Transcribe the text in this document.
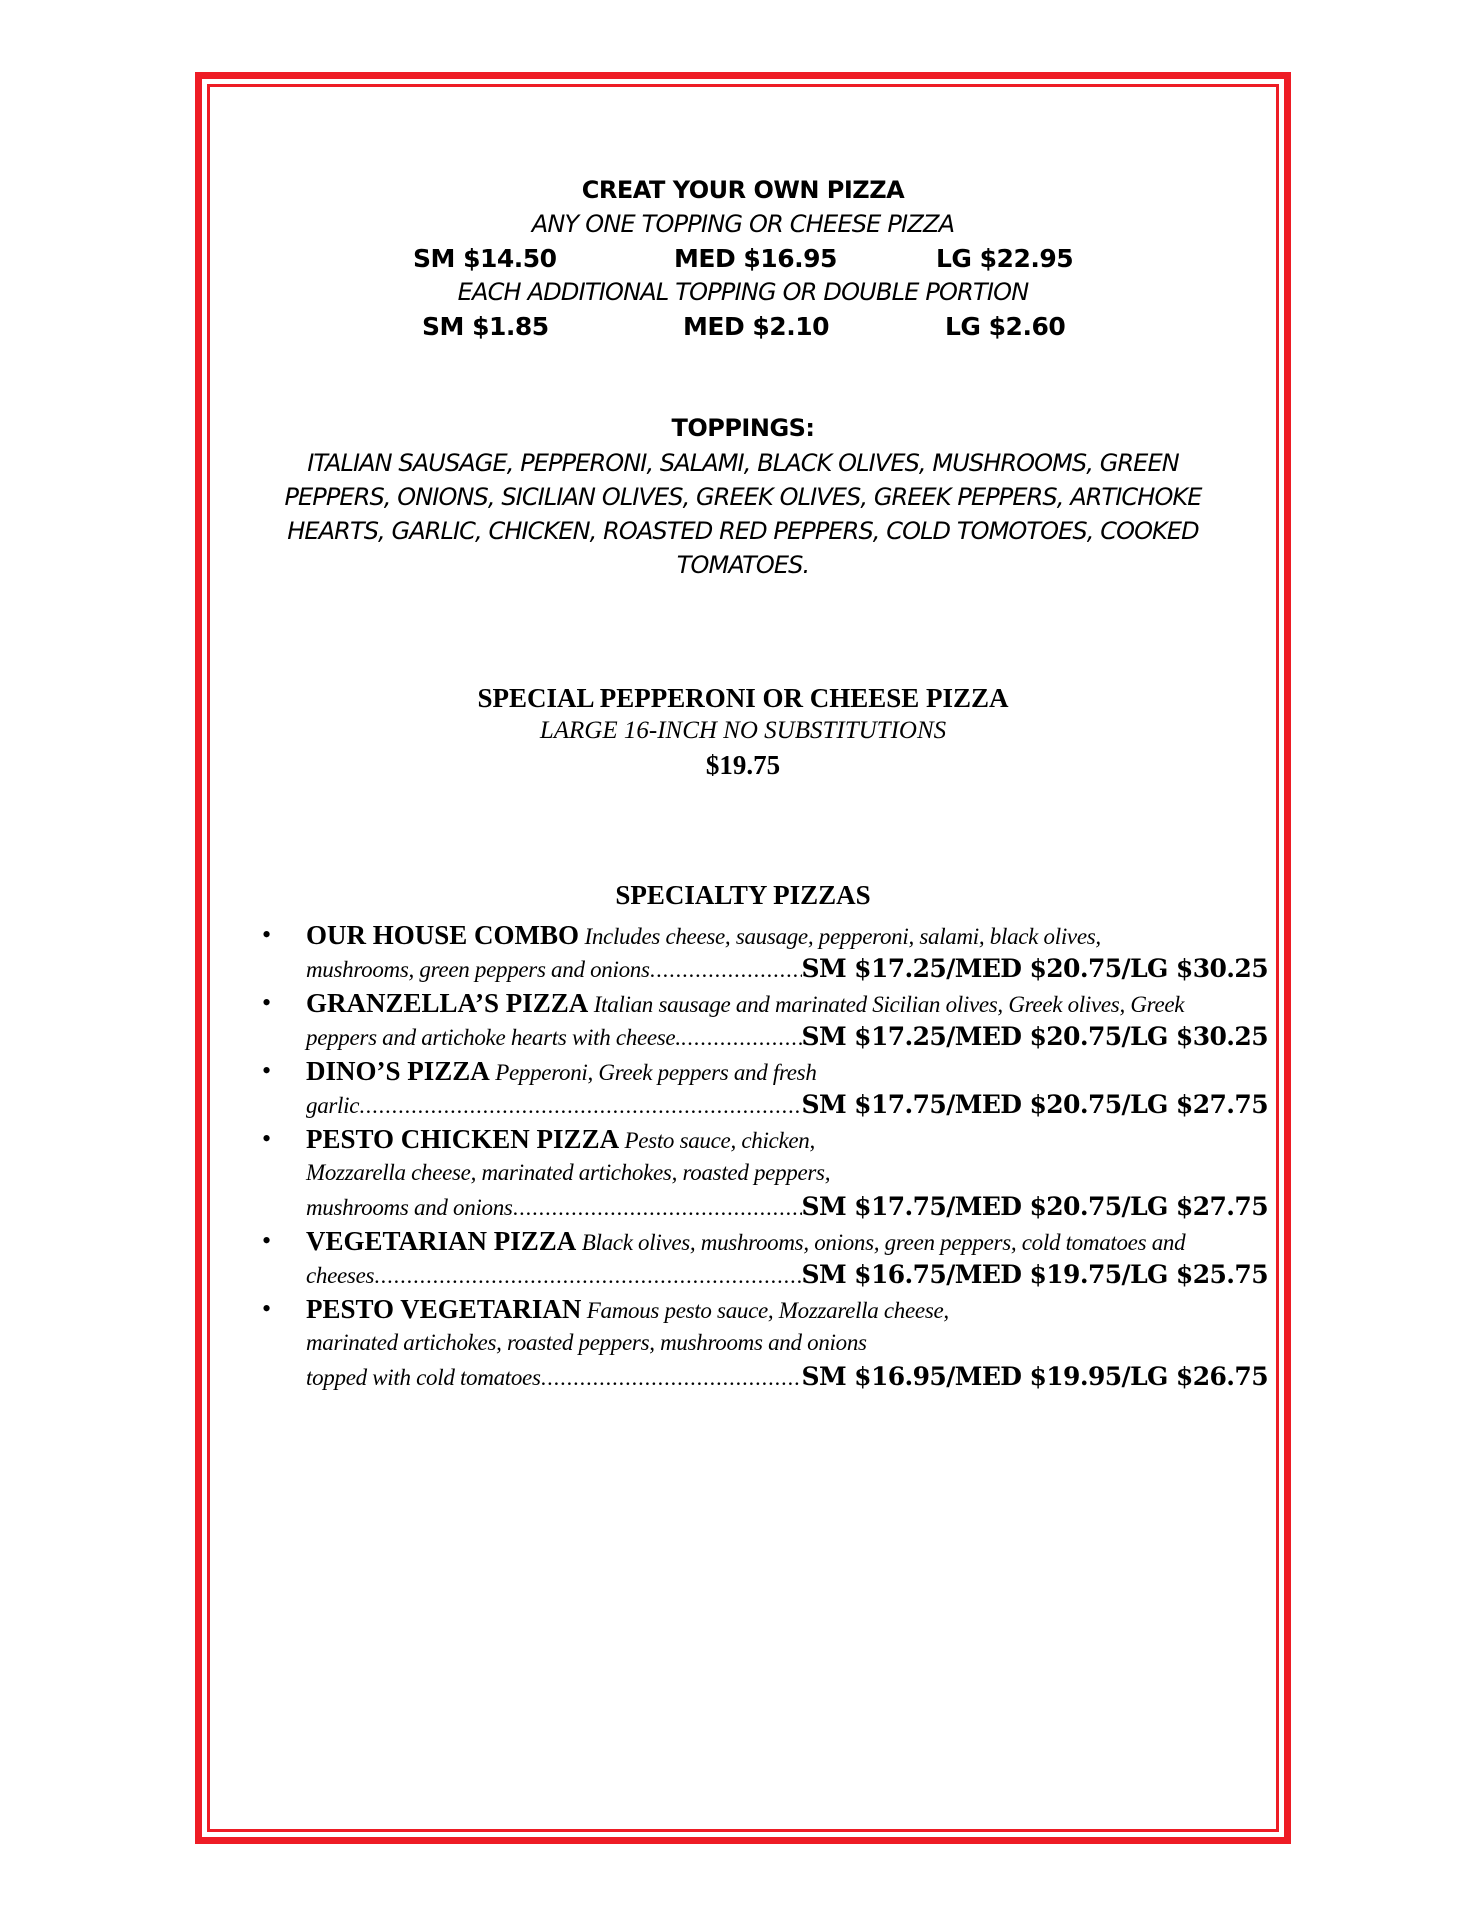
CREAT YOUR OWN PIZZA
ANY ONE TOPPING OR CHEESE PIZZA
SM $14.50	MED $16.95	LG $22.95
EACH ADDITIONAL TOPPING OR DOUBLE PORTION
SM $1.85	MED $2.10	LG $2.60
TOPPINGS:
ITALIAN SAUSAGE, PEPPERONI, SALAMI, BLACK OLIVES, MUSHROOMS, GREEN
PEPPERS, ONIONS, SICILIAN OLIVES, GREEK OLIVES, GREEK PEPPERS, ARTICHOKE
HEARTS, GARLIC, CHICKEN, ROASTED RED PEPPERS, COLD TOMOTOES, COOKED
TOMATOES.
SPECIAL PEPPERONI OR CHEESE PIZZA
LARGE 16-INCH NO SUBSTITUTIONS
$19.75
SPECIALTY PIZZAS
• OUR HOUSE COMBO Includes cheese, sausage, pepperoni, salami, black olives,
mushrooms, green peppers and onions .....	SM $17.25/MED $20.75/LG $30.25
• GRANZELLA’S PIZZA Italian sausage and marinated Sicilian olives, Greek olives, Greek
peppers and artichoke hearts with cheese. .....	SM $17.25/MED $20.75/LG $30.25
• DINO’S PIZZA Pepperoni, Greek peppers and fresh
garlic .....	SM $17.75/MED $20.75/LG $27.75
• PESTO CHICKEN PIZZA Pesto sauce, chicken,
Mozzarella cheese, marinated artichokes, roasted peppers,
mushrooms and onions .....	SM $17.75/MED $20.75/LG $27.75
• VEGETARIAN PIZZA Black olives, mushrooms, onions, green peppers, cold tomatoes and
cheeses .....	SM $16.75/MED $19.75/LG $25.75
• PESTO VEGETARIAN Famous pesto sauce, Mozzarella cheese,
marinated artichokes, roasted peppers, mushrooms and onions
topped with cold tomatoes .....	SM $16.95/MED $19.95/LG $26.75
